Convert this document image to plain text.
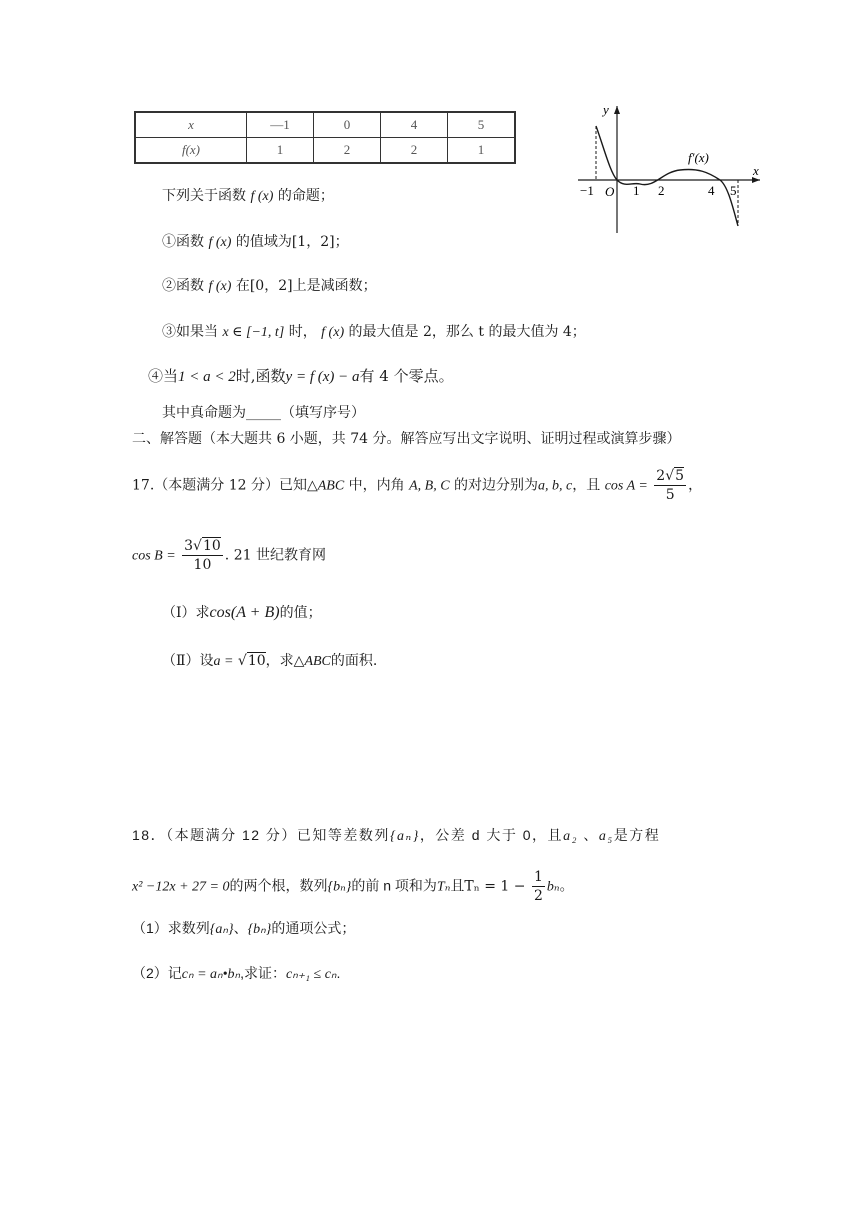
x	—1	0	4	5
f(x)	1	2	2	1
y
x
f′(x)
−1 O 1 2	4 5
下列关于函数 f (x) 的命题；
①函数 f (x) 的值域为[1，2]；
②函数 f (x) 在[0，2]上是减函数；
③如果当 x ∈ [−1, t] 时， f (x) 的最大值是 2，那么 t 的最大值为 4；
④当1 < a < 2时,函数y = f (x) − a有 4 个零点。
其中真命题为_____（填写序号）
二、解答题（本大题共 6 小题，共 74 分。解答应写出文字说明、证明过程或演算步骤）
17.（本题满分 12 分）已知△ABC 中，内角 A, B, C 的对边分别为a, b, c，且 $\cos A = \frac{2√5}{5}$ ，
$\cos B = \frac{3√10}{10}$ . 21 世纪教育网
（Ⅰ）求cos(A + B)的值；
（Ⅱ）设a = √10，求△ABC的面积.
18．（本题满分 12 分）已知等差数列{aₙ}，公差 d 大于 0，且a₂ 、a₅是方程
x² −12x + 27 = 0的两个根，数列{bₙ}的前 n 项和为Tₙ且$T_n = 1 - \frac{1}{2}$ bₙ。
（1）求数列{aₙ}、{bₙ}的通项公式；
（2）记cₙ = aₙ•bₙ,求证：cₙ₊₁ ≤ cₙ.
